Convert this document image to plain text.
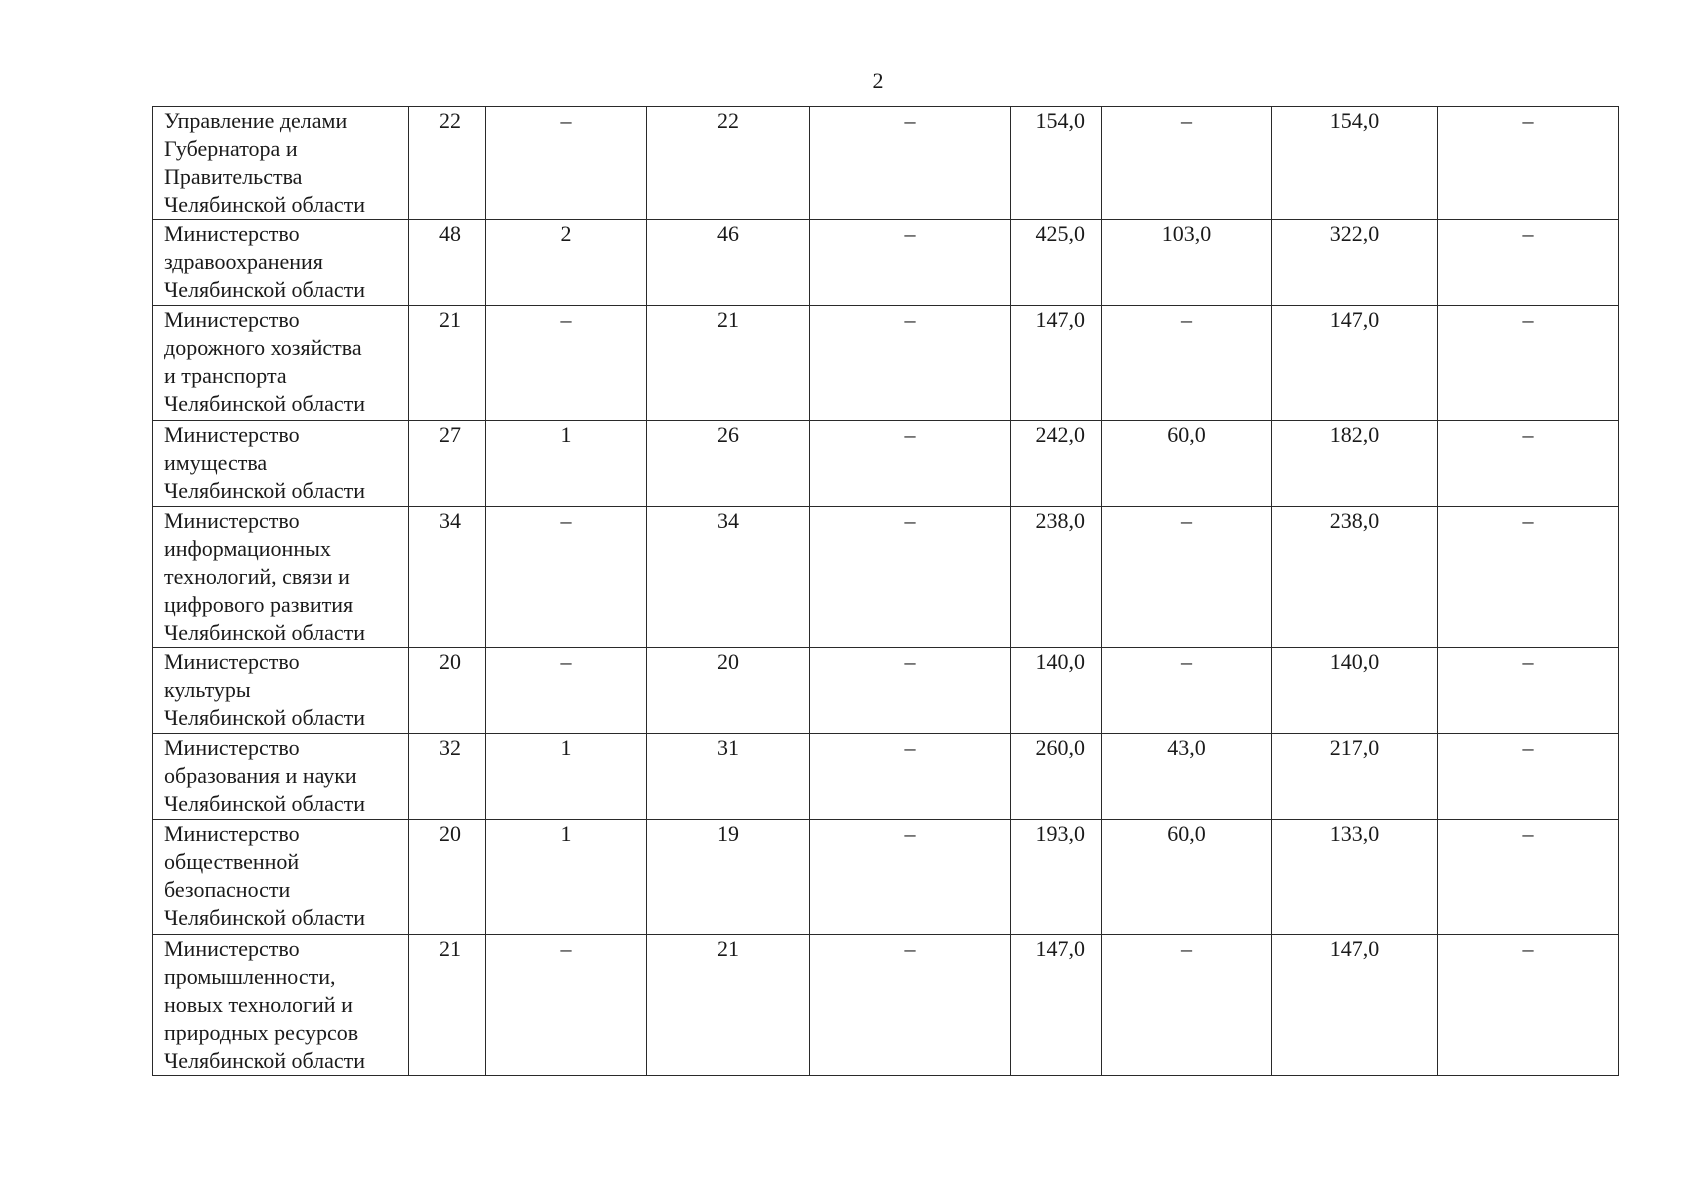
2
Управление делами
Губернатора и
Правительства
Челябинской области	22	–	22	–	154,0	–	154,0	–
Министерство
здравоохранения
Челябинской области	48	2	46	–	425,0	103,0	322,0	–
Министерство
дорожного хозяйства
и транспорта
Челябинской области	21	–	21	–	147,0	–	147,0	–
Министерство
имущества
Челябинской области	27	1	26	–	242,0	60,0	182,0	–
Министерство
информационных
технологий, связи и
цифрового развития
Челябинской области	34	–	34	–	238,0	–	238,0	–
Министерство
культуры
Челябинской области	20	–	20	–	140,0	–	140,0	–
Министерство
образования и науки
Челябинской области	32	1	31	–	260,0	43,0	217,0	–
Министерство
общественной
безопасности
Челябинской области	20	1	19	–	193,0	60,0	133,0	–
Министерство
промышленности,
новых технологий и
природных ресурсов
Челябинской области	21	–	21	–	147,0	–	147,0	–
